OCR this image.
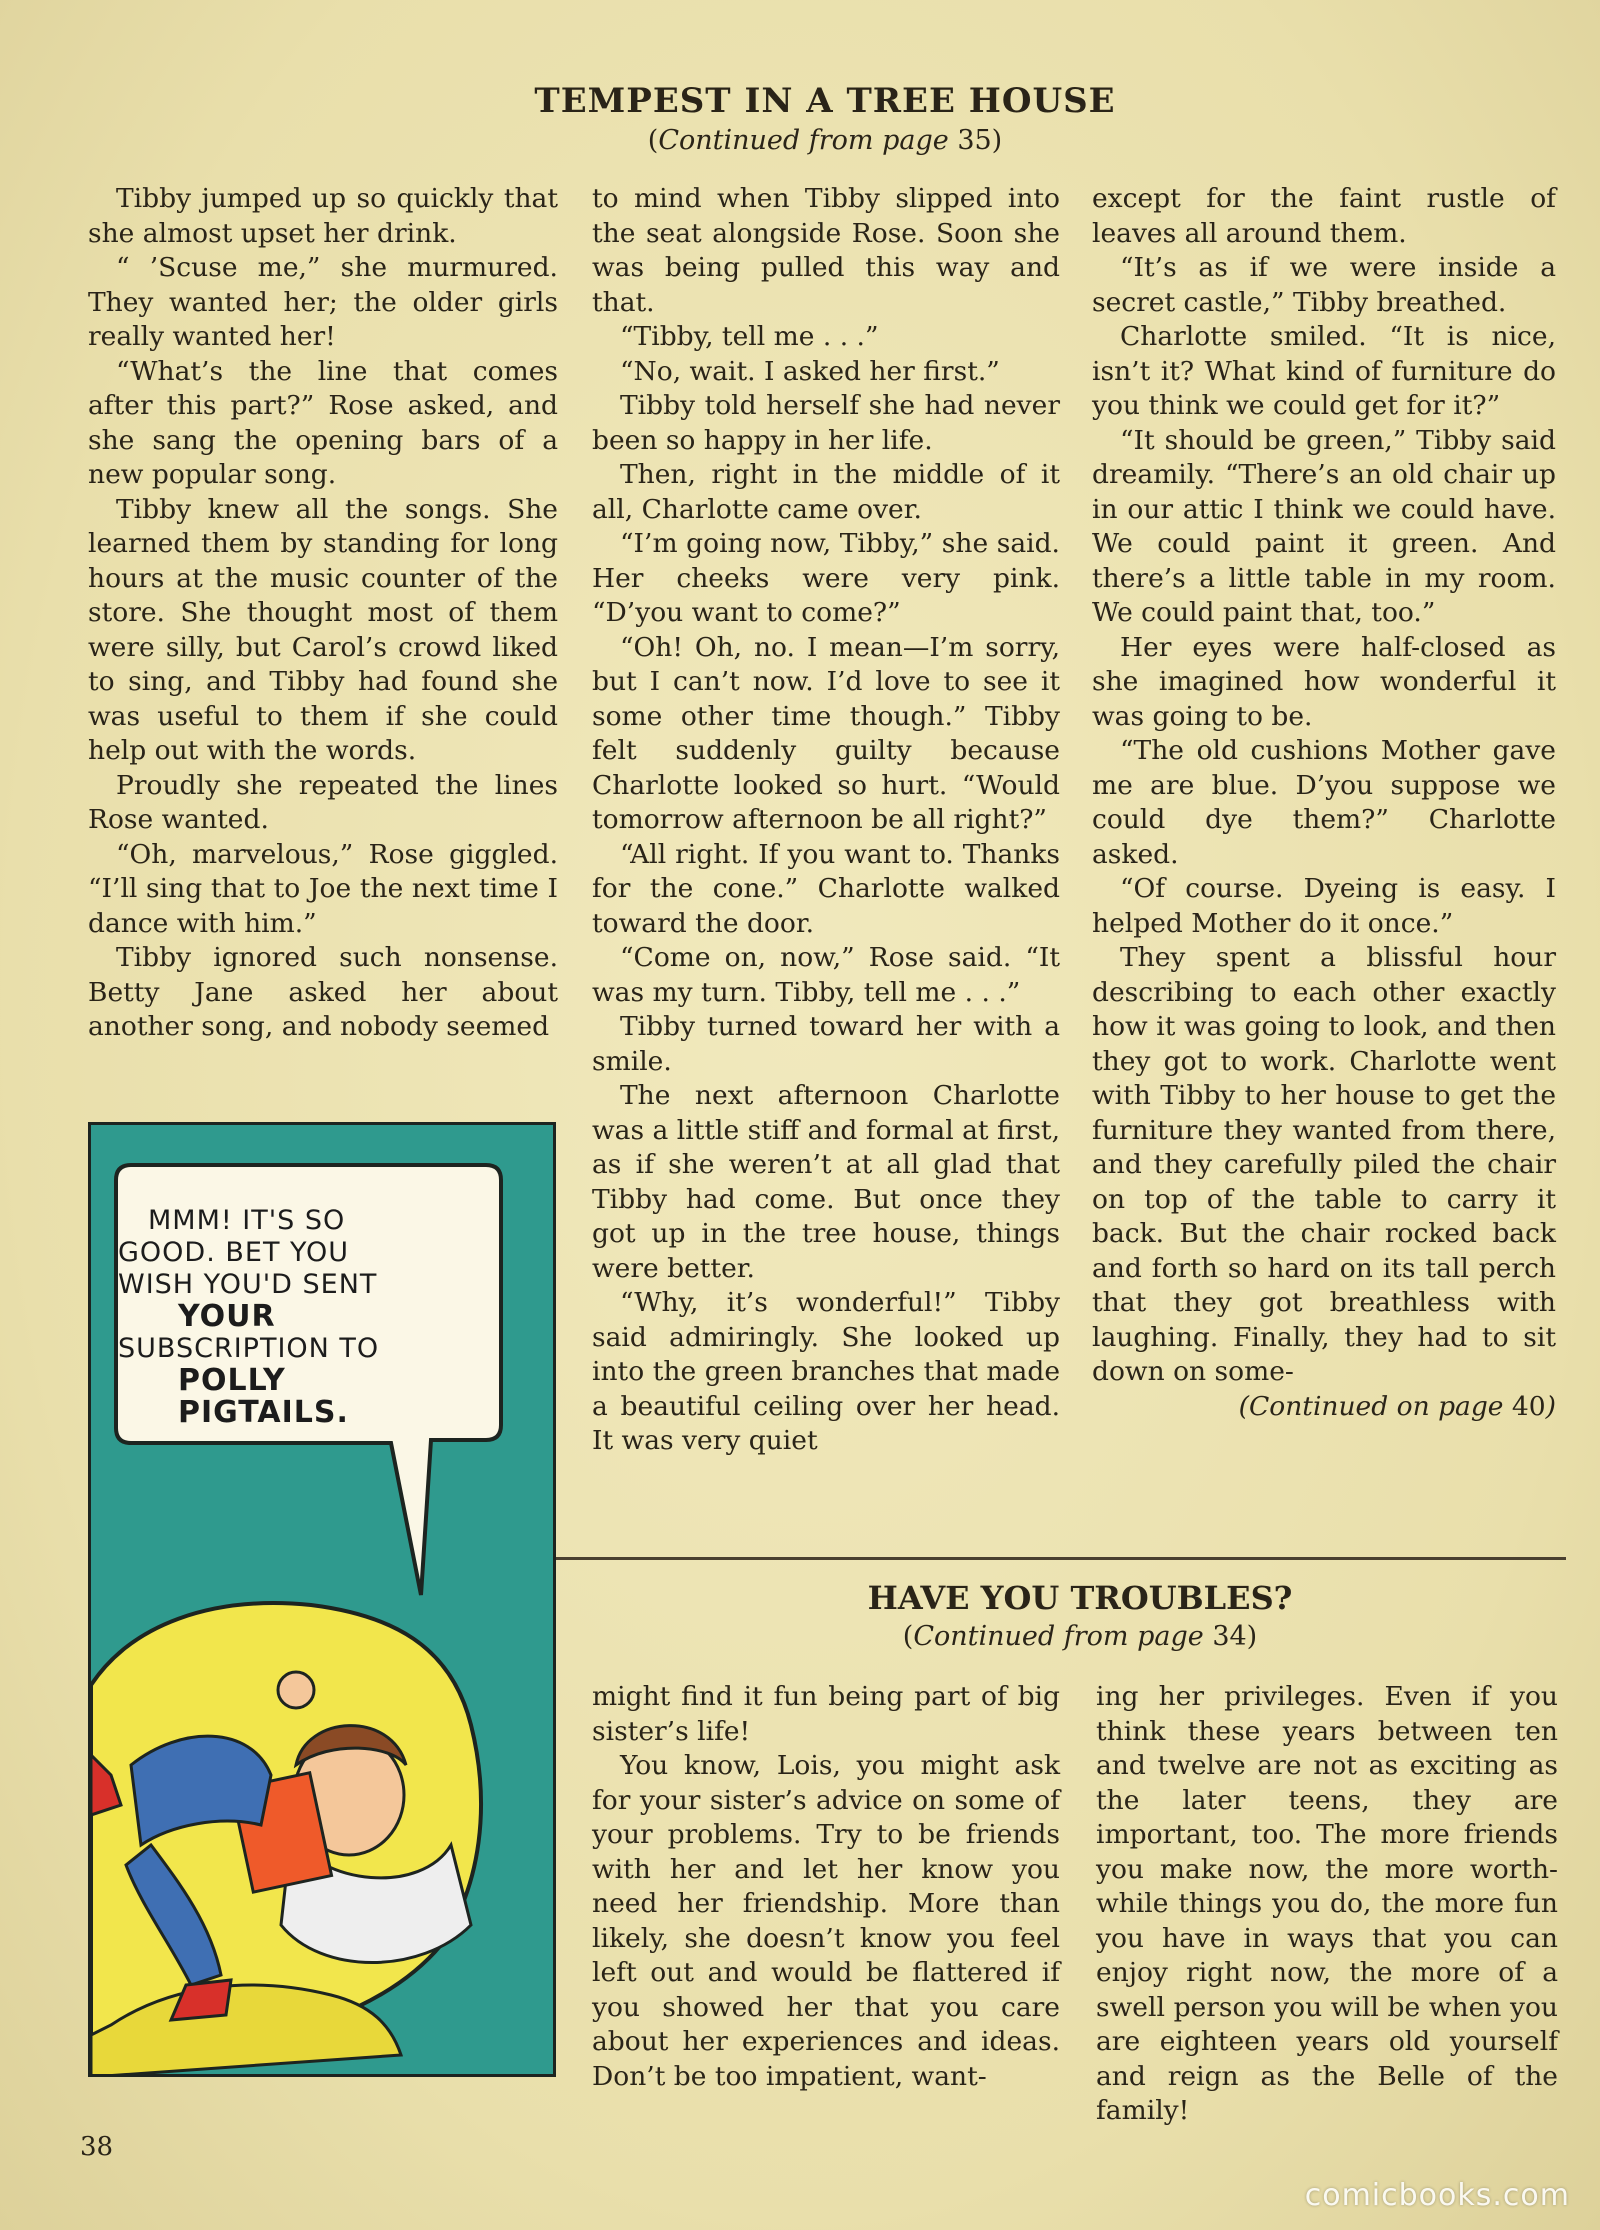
TEMPEST IN A TREE HOUSE

(Continued from page 35)

Tibby jumped up so quickly that she almost upset her drink.

“ ’Scuse me,” she murmured. They wanted her; the older girls really wanted her!

“What’s the line that comes after this part?” Rose asked, and she sang the opening bars of a new popular song.

Tibby knew all the songs. She learned them by standing for long hours at the music counter of the store. She thought most of them were silly, but Carol’s crowd liked to sing, and Tibby had found she was useful to them if she could help out with the words.

Proudly she repeated the lines Rose wanted.

“Oh, marvelous,” Rose giggled. “I’ll sing that to Joe the next time I dance with him.”

Tibby ignored such nonsense. Betty Jane asked her about another song, and nobody seemed

to mind when Tibby slipped into the seat alongside Rose. Soon she was being pulled this way and that.

“Tibby, tell me . . .”

“No, wait. I asked her first.”

Tibby told herself she had never been so happy in her life.

Then, right in the middle of it all, Charlotte came over.

“I’m going now, Tibby,” she said. Her cheeks were very pink. “D’you want to come?”

“Oh! Oh, no. I mean—I’m sorry, but I can’t now. I’d love to see it some other time though.” Tibby felt suddenly guilty because Charlotte looked so hurt. “Would tomorrow afternoon be all right?”

“All right. If you want to. Thanks for the cone.” Charlotte walked toward the door.

“Come on, now,” Rose said. “It was my turn. Tibby, tell me . . .”

Tibby turned toward her with a smile.

The next afternoon Charlotte was a little stiff and formal at first, as if she weren’t at all glad that Tibby had come. But once they got up in the tree house, things were better.

“Why, it’s wonderful!” Tibby said admiringly. She looked up into the green branches that made a beautiful ceiling over her head. It was very quiet

except for the faint rustle of leaves all around them.

“It’s as if we were inside a secret castle,” Tibby breathed.

Charlotte smiled. “It is nice, isn’t it? What kind of furniture do you think we could get for it?”

“It should be green,” Tibby said dreamily. “There’s an old chair up in our attic I think we could have. We could paint it green. And there’s a little table in my room. We could paint that, too.”

Her eyes were half-closed as she imagined how wonderful it was going to be.

“The old cushions Mother gave me are blue. D’you suppose we could dye them?” Charlotte asked.

“Of course. Dyeing is easy. I helped Mother do it once.”

They spent a blissful hour describing to each other exactly how it was going to look, and then they got to work. Charlotte went with Tibby to her house to get the furniture they wanted from there, and they carefully piled the chair on top of the table to carry it back. But the chair rocked back and forth so hard on its tall perch that they got breathless with laughing. Finally, they had to sit down on some-

(Continued on page 40)

HAVE YOU TROUBLES?

(Continued from page 34)

might find it fun being part of big sister’s life!

You know, Lois, you might ask for your sister’s advice on some of your problems. Try to be friends with her and let her know you need her friendship. More than likely, she doesn’t know you feel left out and would be flattered if you showed her that you care about her experiences and ideas. Don’t be too impatient, want-

ing her privileges. Even if you think these years between ten and twelve are not as exciting as the later teens, they are important, too. The more friends you make now, the more worth-while things you do, the more fun you have in ways that you can enjoy right now, the more of a swell person you will be when you are eighteen years old yourself and reign as the Belle of the family!

MMM! IT'S SO
GOOD. BET YOU
WISH YOU'D SENT
YOUR
SUBSCRIPTION TO
POLLY
PIGTAILS.
38
comicbooks.com
